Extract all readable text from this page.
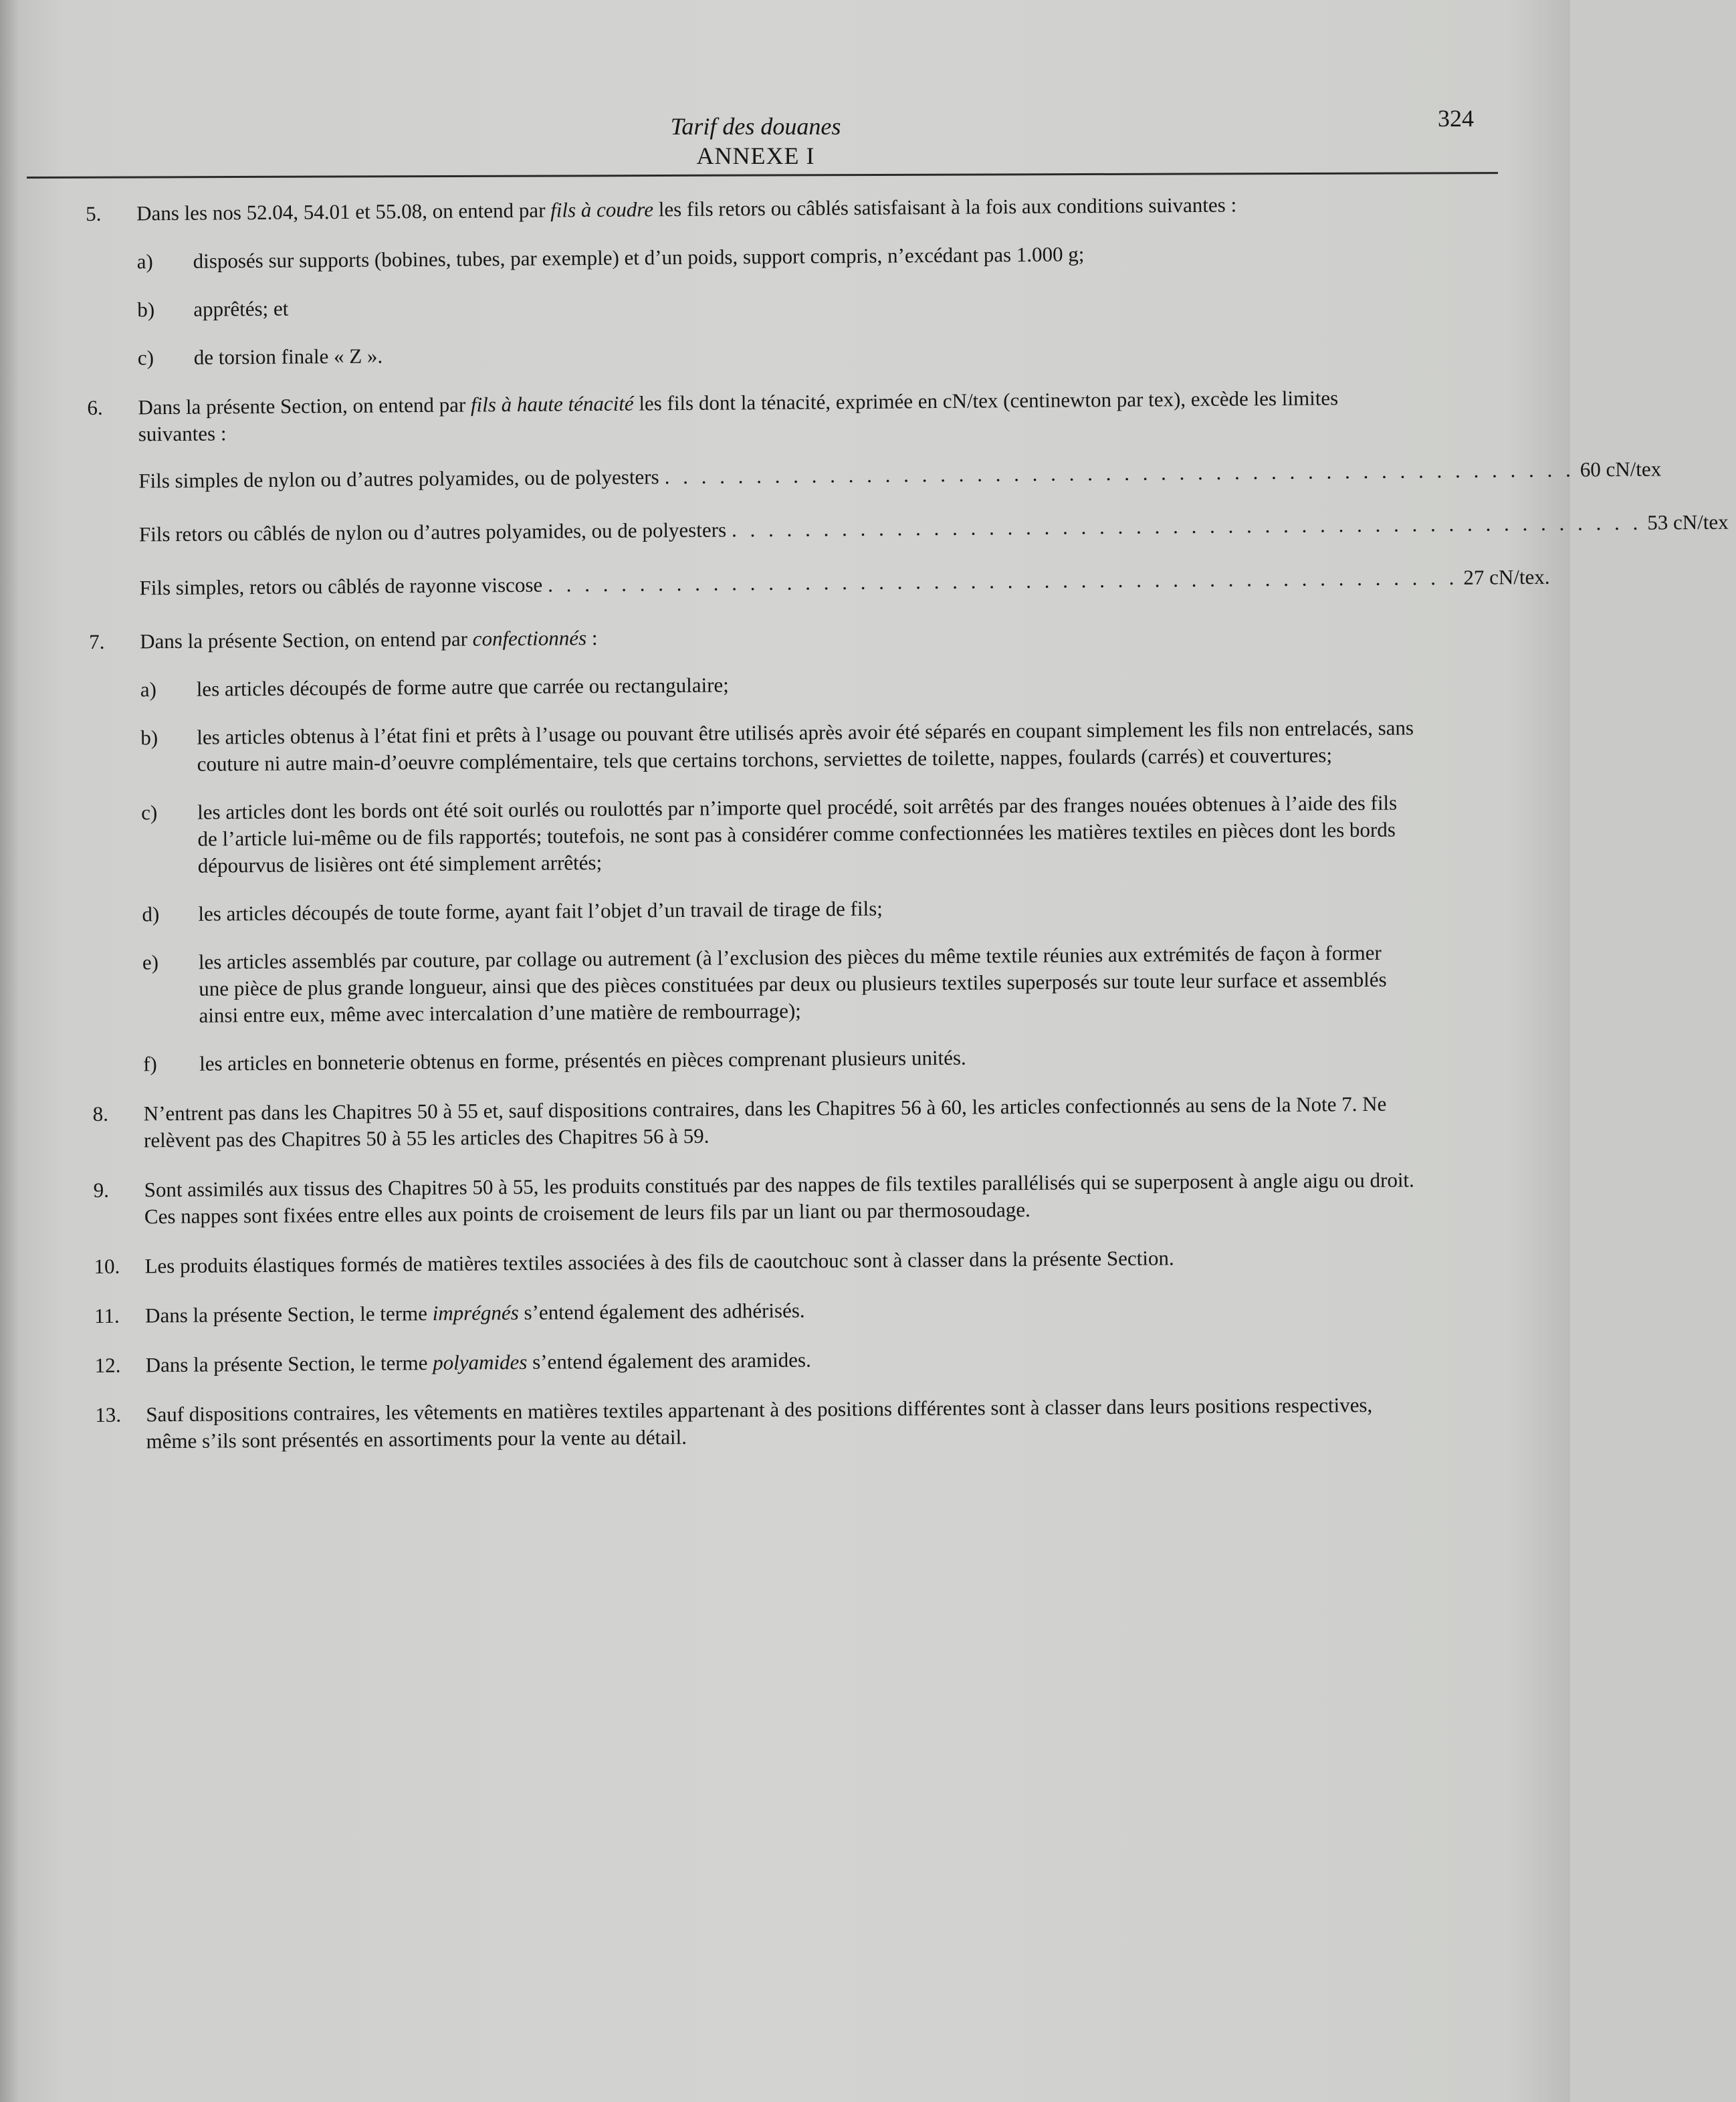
Tarif des douanes
ANNEXE I
324
5. Dans les nos 52.04, 54.01 et 55.08, on entend par fils à coudre les fils retors ou câblés satisfaisant à la fois aux conditions suivantes :
a) disposés sur supports (bobines, tubes, par exemple) et d’un poids, support compris, n’excédant pas 1.000 g;
b) apprêtés; et
c) de torsion finale « Z ».
6. Dans la présente Section, on entend par fils à haute ténacité les fils dont la ténacité, exprimée en cN/tex (centinewton par tex), excède les limites suivantes :
Fils simples de nylon ou d’autres polyamides, ou de polyesters . . . . . . . . . . . . . . . . . . . . . . . . . . . . . . . . . . . . . . . . . . . . . . . . . . 60 cN/tex
Fils retors ou câblés de nylon ou d’autres polyamides, ou de polyesters . . . . . . . . . . . . . . . . . . . . . . . . . . . . . . . . . . . . . . . . . . . . . . . . . . 53 cN/tex
Fils simples, retors ou câblés de rayonne viscose . . . . . . . . . . . . . . . . . . . . . . . . . . . . . . . . . . . . . . . . . . . . . . . . . . 27 cN/tex.
7. Dans la présente Section, on entend par confectionnés :
a) les articles découpés de forme autre que carrée ou rectangulaire;
b) les articles obtenus à l’état fini et prêts à l’usage ou pouvant être utilisés après avoir été séparés en coupant simplement les fils non entrelacés, sans couture ni autre main-d’oeuvre complémentaire, tels que certains torchons, serviettes de toilette, nappes, foulards (carrés) et couvertures;
c) les articles dont les bords ont été soit ourlés ou roulottés par n’importe quel procédé, soit arrêtés par des franges nouées obtenues à l’aide des fils de l’article lui-même ou de fils rapportés; toutefois, ne sont pas à considérer comme confectionnées les matières textiles en pièces dont les bords dépourvus de lisières ont été simplement arrêtés;
d) les articles découpés de toute forme, ayant fait l’objet d’un travail de tirage de fils;
e) les articles assemblés par couture, par collage ou autrement (à l’exclusion des pièces du même textile réunies aux extrémités de façon à former une pièce de plus grande longueur, ainsi que des pièces constituées par deux ou plusieurs textiles superposés sur toute leur surface et assemblés ainsi entre eux, même avec intercalation d’une matière de rembourrage);
f) les articles en bonneterie obtenus en forme, présentés en pièces comprenant plusieurs unités.
8. N’entrent pas dans les Chapitres 50 à 55 et, sauf dispositions contraires, dans les Chapitres 56 à 60, les articles confectionnés au sens de la Note 7. Ne relèvent pas des Chapitres 50 à 55 les articles des Chapitres 56 à 59.
9. Sont assimilés aux tissus des Chapitres 50 à 55, les produits constitués par des nappes de fils textiles parallélisés qui se superposent à angle aigu ou droit. Ces nappes sont fixées entre elles aux points de croisement de leurs fils par un liant ou par thermosoudage.
10. Les produits élastiques formés de matières textiles associées à des fils de caoutchouc sont à classer dans la présente Section.
11. Dans la présente Section, le terme imprégnés s’entend également des adhérisés.
12. Dans la présente Section, le terme polyamides s’entend également des aramides.
13. Sauf dispositions contraires, les vêtements en matières textiles appartenant à des positions différentes sont à classer dans leurs positions respectives, même s’ils sont présentés en assortiments pour la vente au détail.
